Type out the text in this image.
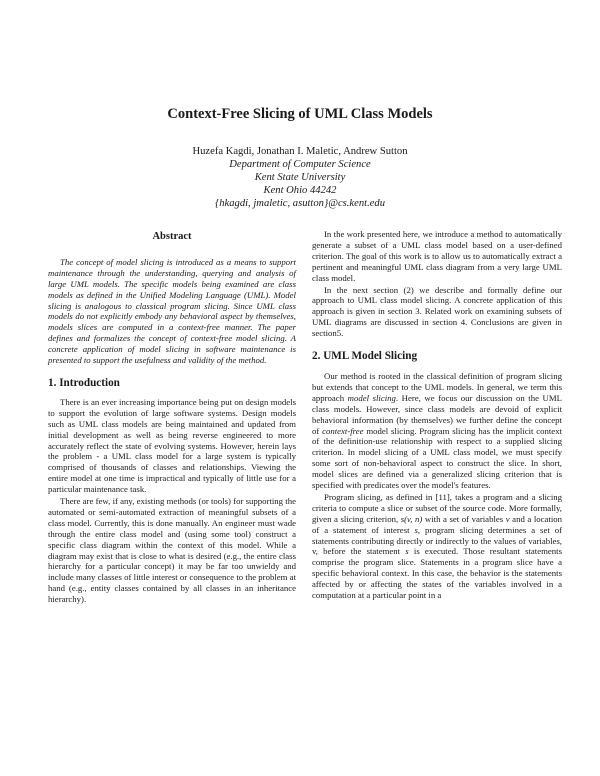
Context-Free Slicing of UML Class Models
Huzefa Kagdi, Jonathan I. Maletic, Andrew Sutton
Department of Computer Science
Kent State University
Kent Ohio 44242
{hkagdi, jmaletic, asutton}@cs.kent.edu
Abstract

The concept of model slicing is introduced as a means to support maintenance through the understanding, querying and analysis of large UML models. The specific models being examined are class models as defined in the Unified Modeling Language (UML). Model slicing is analogous to classical program slicing. Since UML class models do not explicitly embody any behavioral aspect by themselves, models slices are computed in a context-free manner. The paper defines and formalizes the concept of context-free model slicing. A concrete application of model slicing in software maintenance is presented to support the usefulness and validity of the method.

1. Introduction

There is an ever increasing importance being put on design models to support the evolution of large software systems. Design models such as UML class models are being maintained and updated from initial development as well as being reverse engineered to more accurately reflect the state of evolving systems. However, herein lays the problem - a UML class model for a large system is typically comprised of thousands of classes and relationships. Viewing the entire model at one time is impractical and typically of little use for a particular maintenance task.

There are few, if any, existing methods (or tools) for supporting the automated or semi-automated extraction of meaningful subsets of a class model. Currently, this is done manually. An engineer must wade through the entire class model and (using some tool) construct a specific class diagram within the context of this model. While a diagram may exist that is close to what is desired (e.g., the entire class hierarchy for a particular concept) it may be far too unwieldy and include many classes of little interest or consequence to the problem at hand (e.g., entity classes contained by all classes in an inheritance hierarchy).

In the work presented here, we introduce a method to automatically generate a subset of a UML class model based on a user-defined criterion. The goal of this work is to allow us to automatically extract a pertinent and meaningful UML class diagram from a very large UML class model.

In the next section (2) we describe and formally define our approach to UML class model slicing. A concrete application of this approach is given in section 3. Related work on examining subsets of UML diagrams are discussed in section 4. Conclusions are given in section5.

2. UML Model Slicing

Our method is rooted in the classical definition of program slicing but extends that concept to the UML models. In general, we term this approach model slicing. Here, we focus our discussion on the UML class models. However, since class models are devoid of explicit behavioral information (by themselves) we further define the concept of context-free model slicing. Program slicing has the implicit context of the definition-use relationship with respect to a supplied slicing criterion. In model slicing of a UML class model, we must specify some sort of non-behavioral aspect to construct the slice. In short, model slices are defined via a generalized slicing criterion that is specified with predicates over the model's features.

Program slicing, as defined in [11], takes a program and a slicing criteria to compute a slice or subset of the source code. More formally, given a slicing criterion, s(v, n) with a set of variables v and a location of a statement of interest s, program slicing determines a set of statements contributing directly or indirectly to the values of variables, v, before the statement s is executed. Those resultant statements comprise the program slice. Statements in a program slice have a specific behavioral context. In this case, the behavior is the statements affected by or affecting the states of the variables involved in a computation at a particular point in a
